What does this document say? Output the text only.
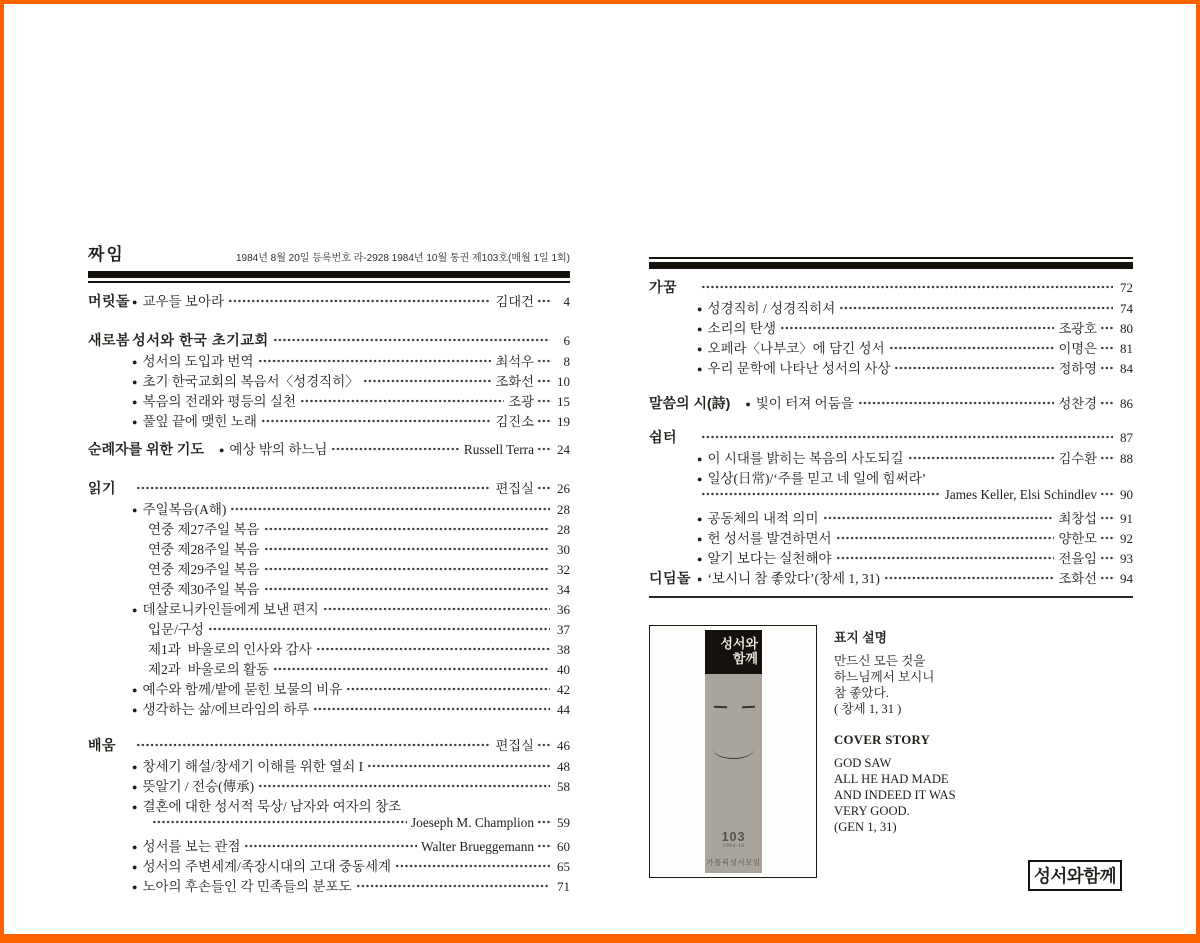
짜임	1984년 8월 20일 등록번호 라-2928 1984년 10월 통권 제103호(매월 1일 1회)
머릿돌 ● 교우들 보아라	김대건	4
새로봄 성서와 한국 초기교회	6
● 성서의 도입과 번역	최석우	8
● 초기 한국교회의 복음서〈성경직히〉	조화선 10
● 복음의 전래와 평등의 실천	조광 15
● 풀잎 끝에 맺힌 노래	김진소 19
순례자를 위한 기도 ● 예상 밖의 하느님	Russell Terra 24
읽기	편집실 26
● 주일복음(A해)	28
연중 제27주일 복음	28
연중 제28주일 복음	30
연중 제29주일 복음	32
연중 제30주일 복음	34
● 데살로니카인들에게 보낸 편지	36
입문/구성	37
제1과  바울로의 인사와 감사	38
제2과  바울로의 활동	40
● 예수와 함께/밭에 묻힌 보물의 비유	42
● 생각하는 삶/에브라임의 하루	44
배움	편집실 46
● 창세기 해설/창세기 이해를 위한 열쇠 I	48
● 뜻알기 / 전승(傳承)	58
● 결혼에 대한 성서적 묵상/ 남자와 여자의 창조
Joeseph M. Champlion 59
● 성서를 보는 관점	Walter Brueggemann 60
● 성서의 주변세계/족장시대의 고대 중동세계	65
● 노아의 후손들인 각 민족들의 분포도	71
가꿈	72
● 성경직히 / 성경직히셔	74
● 소리의 탄생	조광호 80
● 오페라〈나부코〉에 담긴 성서	이명은 81
● 우리 문학에 나타난 성서의 사상	정하영 84
말씀의 시(詩) ● 빛이 터져 어둠을	성찬경 86
쉼터	87
● 이 시대를 밝히는 복음의 사도되길	김수환 88
● 일상(日常)/‘주를 믿고 네 일에 힘써라’
James Keller, Elsi Schindlev 90
● 공동체의 내적 의미	최창섭 91
● 헌 성서를 발견하면서	양한모 92
● 알기 보다는 실천해야	전을임 93
디딤돌 ● ‘보시니 참 좋았다’(창세 1, 31)	조화선 94
성서와
함께
103
1984·10
가톨릭성서모임
표지 설명
만드신 모든 것을
하느님께서 보시니
참 좋았다.
( 창세 1, 31 )
COVER STORY
GOD SAW
ALL HE HAD MADE
AND INDEED IT WAS
VERY GOOD.
(GEN 1, 31)
성서와함께
